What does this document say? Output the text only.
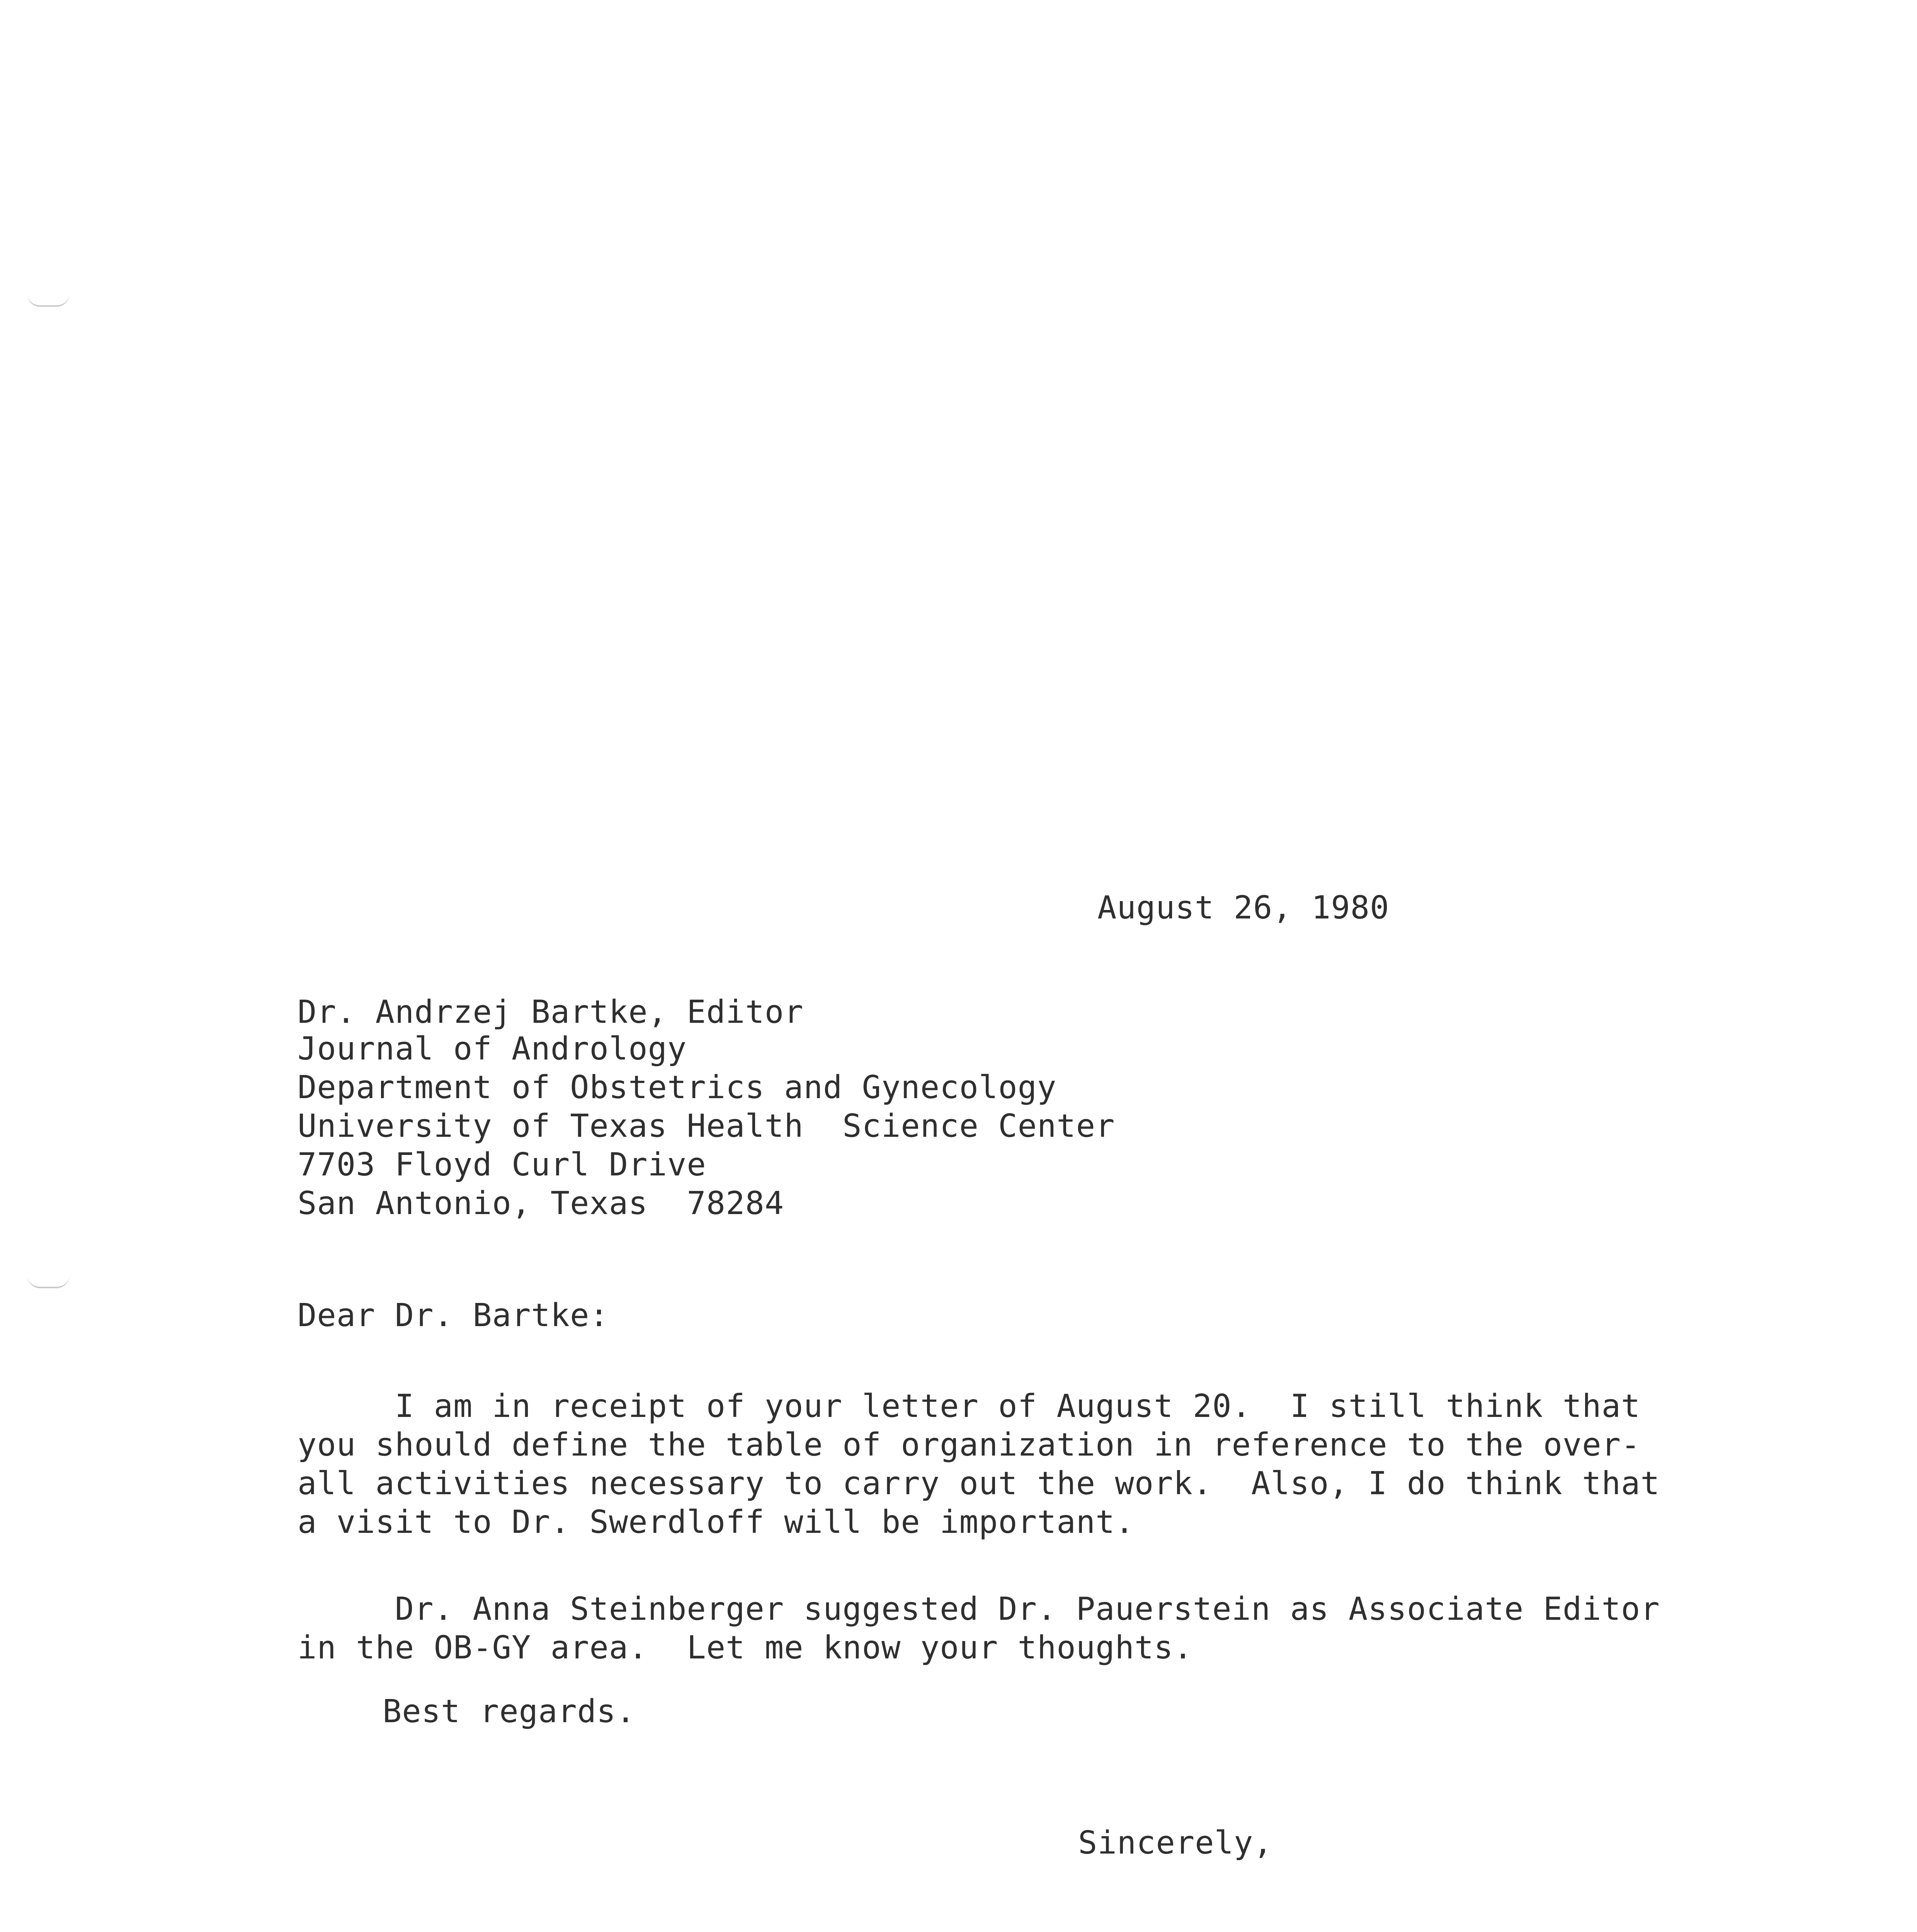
August 26, 1980
Dr. Andrzej Bartke, Editor
Journal of Andrology
Department of Obstetrics and Gynecology
University of Texas Health  Science Center
7703 Floyd Curl Drive
San Antonio, Texas  78284
Dear Dr. Bartke:
I am in receipt of your letter of August 20.  I still think that
you should define the table of organization in reference to the over-
all activities necessary to carry out the work.  Also, I do think that
a visit to Dr. Swerdloff will be important.
Dr. Anna Steinberger suggested Dr. Pauerstein as Associate Editor
in the OB-GY area.  Let me know your thoughts.
Best regards.
Sincerely,
